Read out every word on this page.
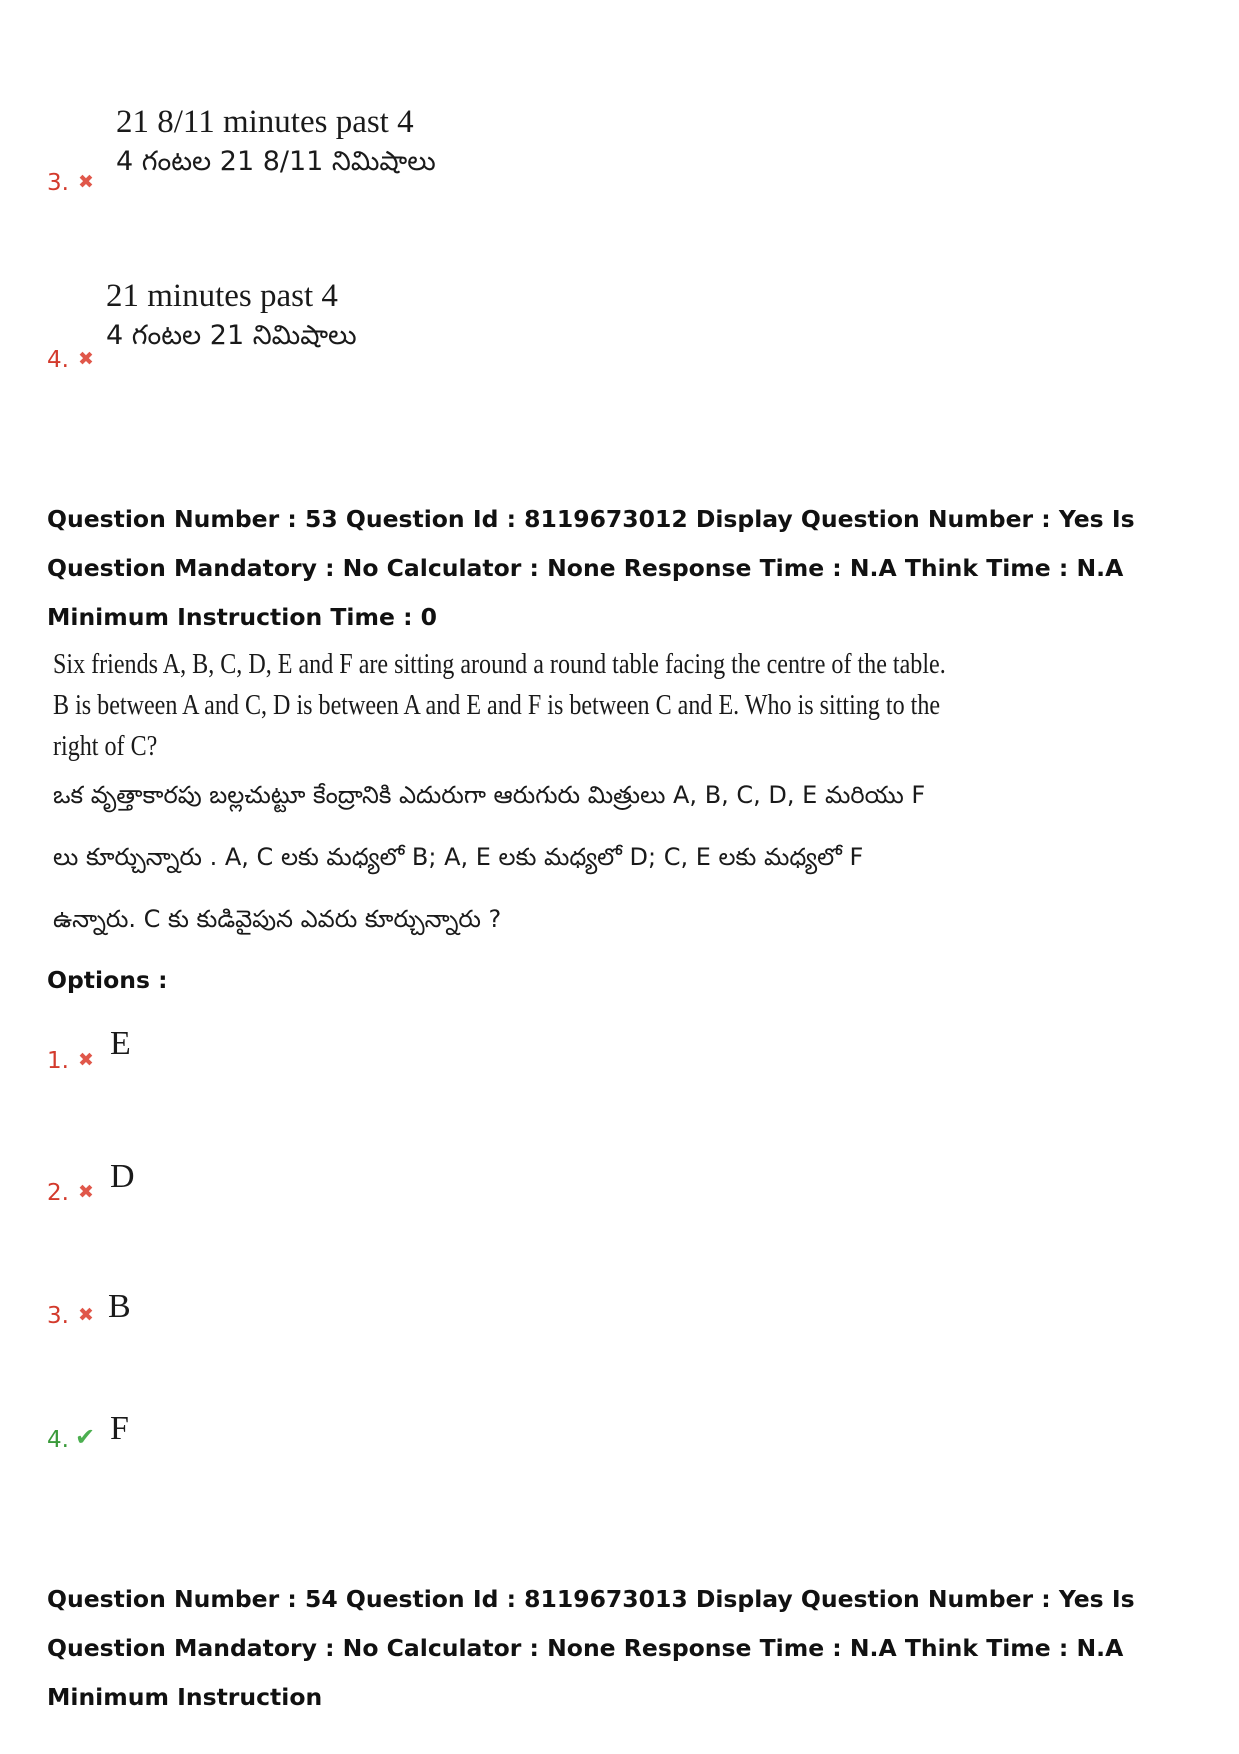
21 8/11 minutes past 4
4 గంటల 21 8/11 నిమిషాలు
3. ✖
21 minutes past 4
4 గంటల 21 నిమిషాలు
4. ✖
Question Number : 53 Question Id : 8119673012 Display Question Number : Yes Is Question Mandatory : No Calculator : None Response Time : N.A Think Time : N.A Minimum Instruction Time : 0
Six friends A, B, C, D, E and F are sitting around a round table facing the centre of the table. B is between A and C, D is between A and E and F is between C and E. Who is sitting to the right of C?
ఒక వృత్తాకారపు బల్లచుట్టూ కేంద్రానికి ఎదురుగా ఆరుగురు మిత్రులు A, B, C, D, E మరియు F లు కూర్చున్నారు . A, C లకు మధ్యలో B; A, E లకు మధ్యలో D; C, E లకు మధ్యలో F ఉన్నారు. C కు కుడివైపున ఎవరు కూర్చున్నారు ?
Options :
1. ✖ E
2. ✖ D
3. ✖ B
4. ✔ F
Question Number : 54 Question Id : 8119673013 Display Question Number : Yes Is Question Mandatory : No Calculator : None Response Time : N.A Think Time : N.A Minimum Instruction
